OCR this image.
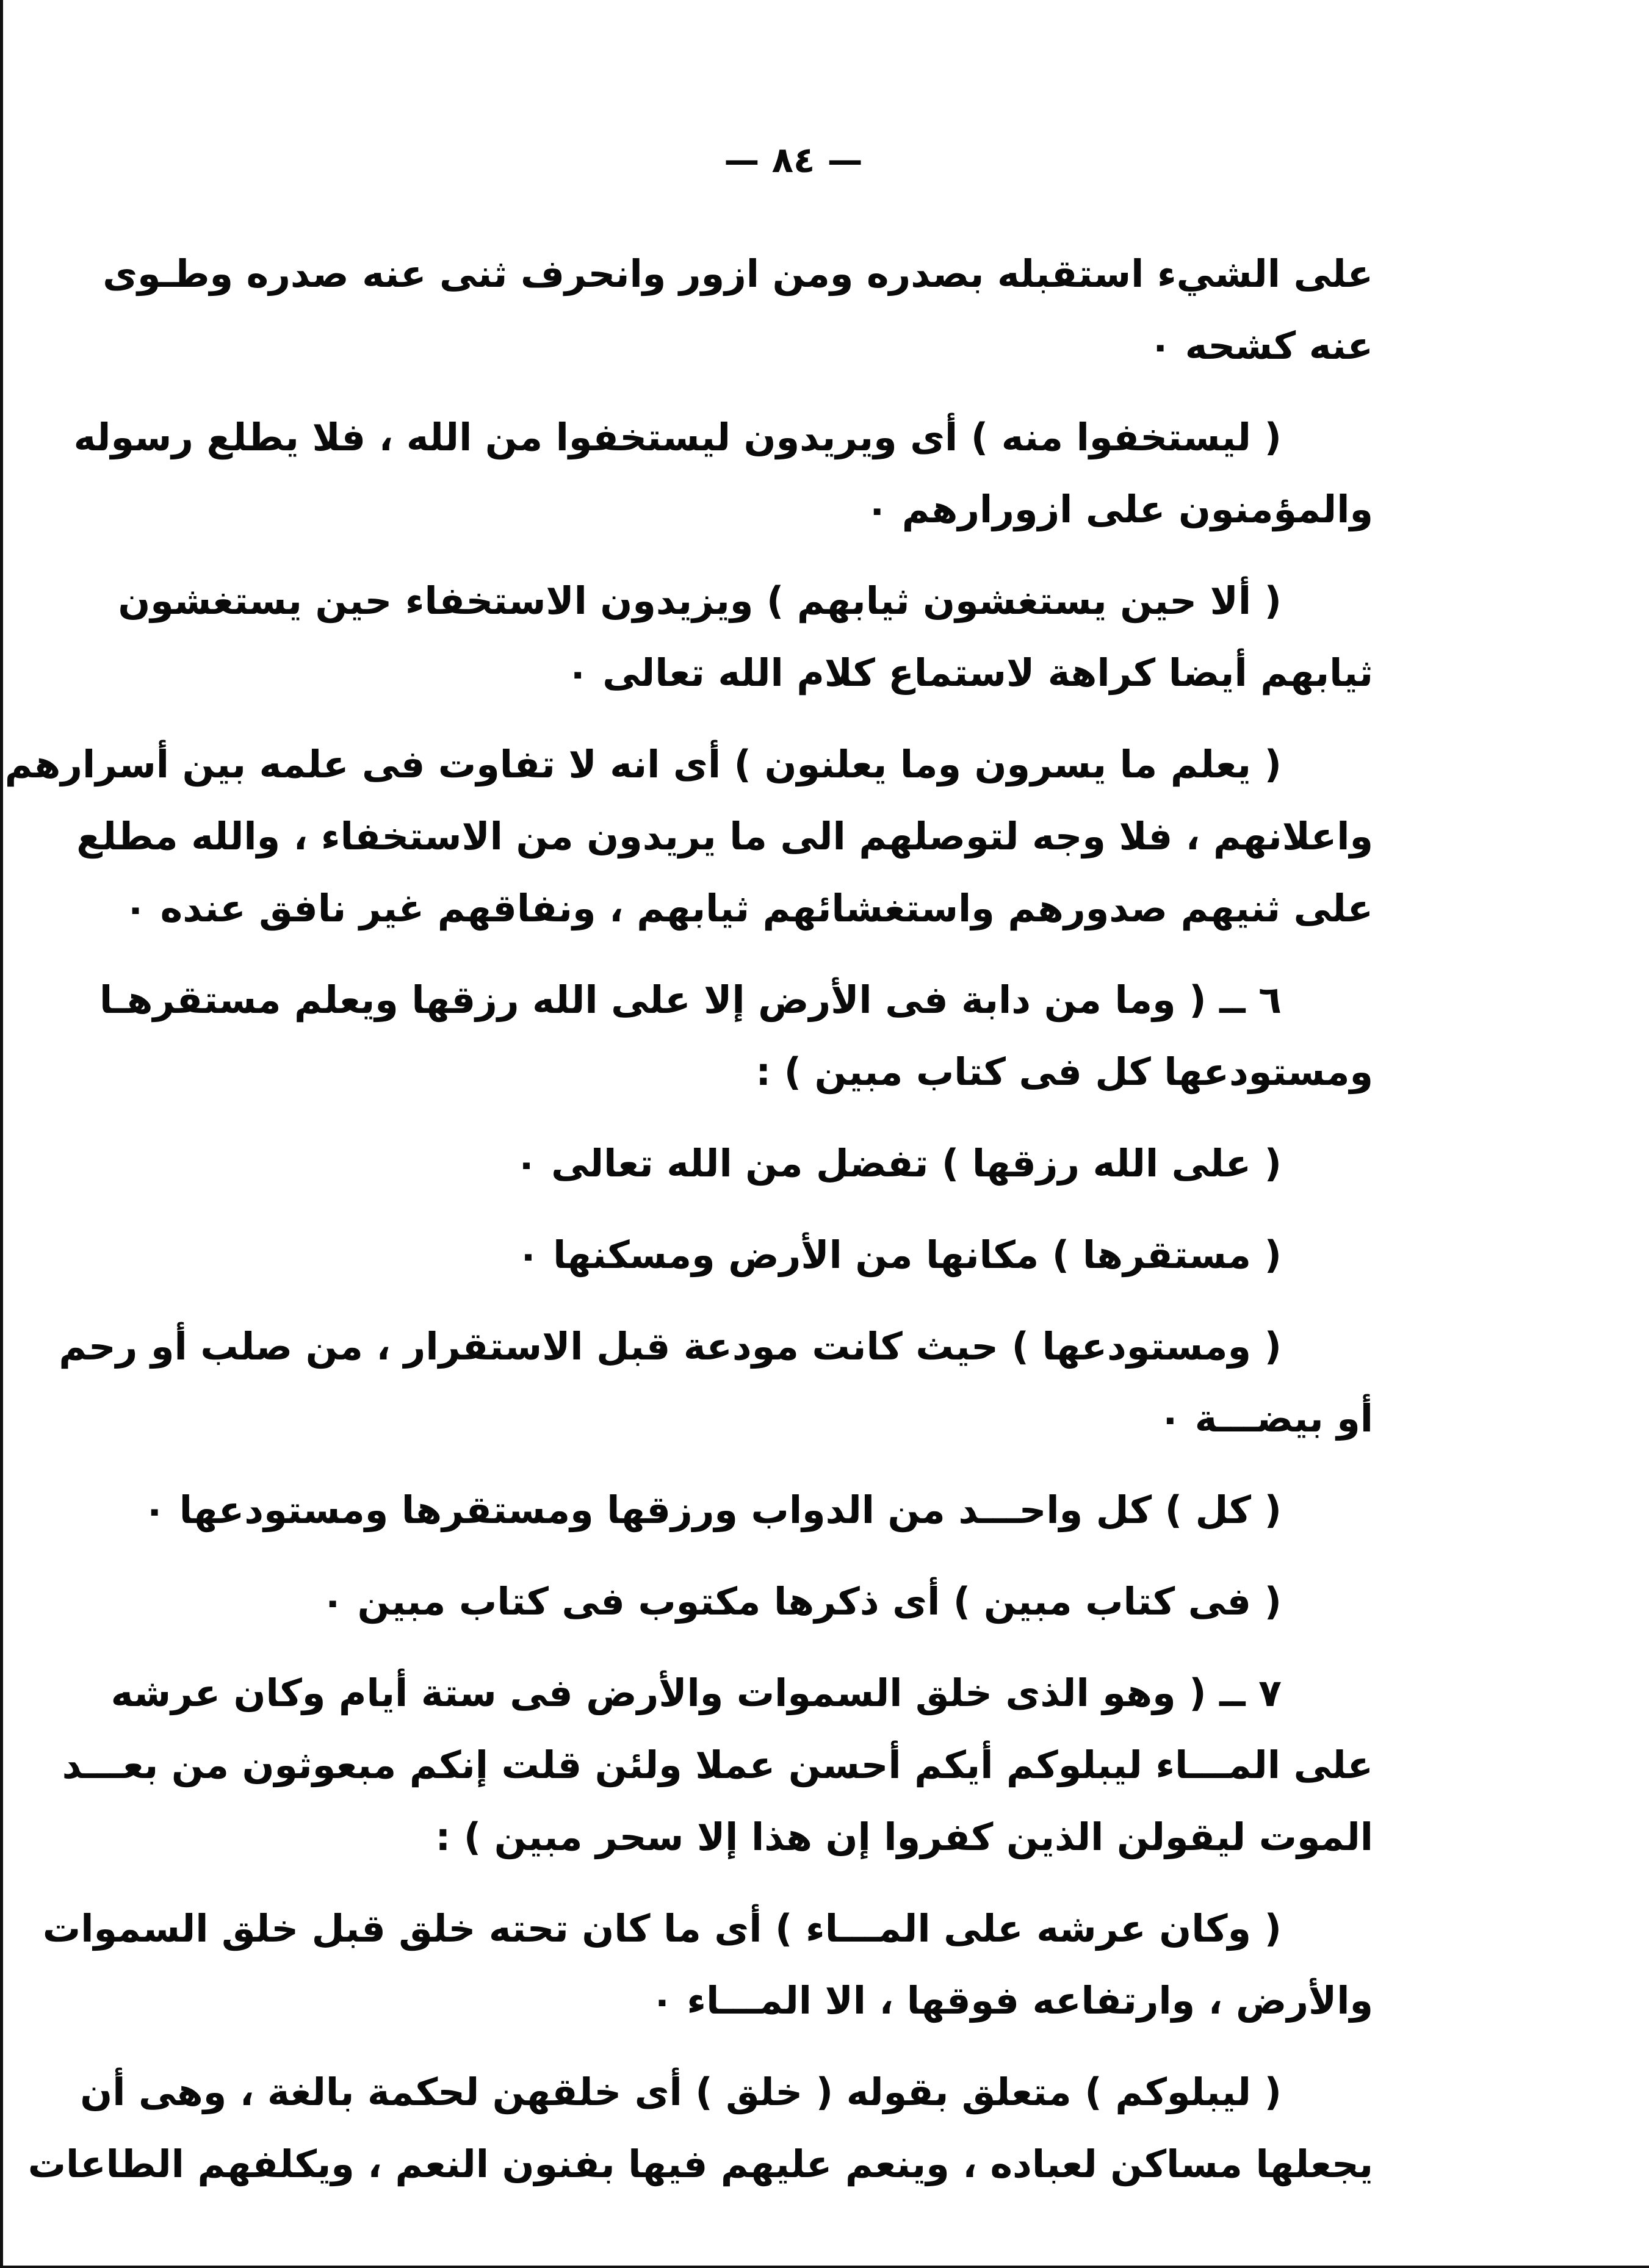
— ٨٤ —
على الشيء استقبله بصدره ومن ازور وانحرف ثنى عنه صدره وطـوى
عنه كشحه ٠
( ليستخفوا منه ) أى ويريدون ليستخفوا من الله ، فلا يطلع رسوله
والمؤمنون على ازورارهم ٠
( ألا حين يستغشون ثيابهم ) ويزيدون الاستخفاء حين يستغشون
ثيابهم أيضا كراهة لاستماع كلام الله تعالى ٠
( يعلم ما يسرون وما يعلنون ) أى انه لا تفاوت فى علمه بين أسرارهم
واعلانهم ، فلا وجه لتوصلهم الى ما يريدون من الاستخفاء ، والله مطلع
على ثنيهم صدورهم واستغشائهم ثيابهم ، ونفاقهم غير نافق عنده ٠
٦ ــ ( وما من دابة فى الأرض إلا على الله رزقها ويعلم مستقرهـا
ومستودعها كل فى كتاب مبين ) :
( على الله رزقها ) تفضل من الله تعالى ٠
( مستقرها ) مكانها من الأرض ومسكنها ٠
( ومستودعها ) حيث كانت مودعة قبل الاستقرار ، من صلب أو رحم
أو بيضـــة ٠
( كل ) كل واحـــد من الدواب ورزقها ومستقرها ومستودعها ٠
( فى كتاب مبين ) أى ذكرها مكتوب فى كتاب مبين ٠
٧ ــ ( وهو الذى خلق السموات والأرض فى ستة أيام وكان عرشه
على المـــاء ليبلوكم أيكم أحسن عملا ولئن قلت إنكم مبعوثون من بعـــد
الموت ليقولن الذين كفروا إن هذا إلا سحر مبين ) :
( وكان عرشه على المـــاء ) أى ما كان تحته خلق قبل خلق السموات
والأرض ، وارتفاعه فوقها ، الا المـــاء ٠
( ليبلوكم ) متعلق بقوله ( خلق ) أى خلقهن لحكمة بالغة ، وهى أن
يجعلها مساكن لعباده ، وينعم عليهم فيها بفنون النعم ، ويكلفهم الطاعات
